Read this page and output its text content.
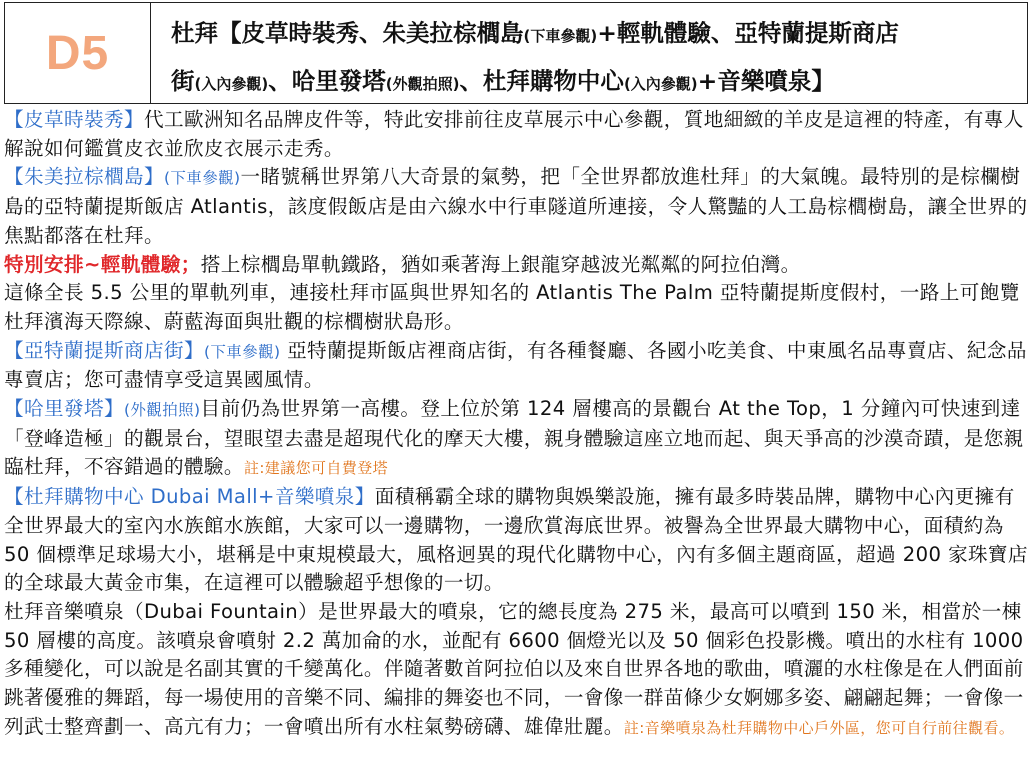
D5	杜拜【皮草時裝秀、朱美拉棕櫚島(下車參觀)+輕軌體驗、亞特蘭提斯商店
街(入內參觀)、哈里發塔(外觀拍照)、杜拜購物中心(入內參觀)+音樂噴泉】

【皮草時裝秀】代工歐洲知名品牌皮件等，特此安排前往皮草展示中心參觀，質地細緻的羊皮是這裡的特產，有專人解說如何鑑賞皮衣並欣皮衣展示走秀。

【朱美拉棕櫚島】(下車參觀)一睹號稱世界第八大奇景的氣勢，把「全世界都放進杜拜」的大氣魄。最特別的是棕欄樹島的亞特蘭提斯飯店 Atlantis，該度假飯店是由六線水中行車隧道所連接，令人驚豔的人工島棕櫚樹島，讓全世界的焦點都落在杜拜。

特別安排~輕軌體驗；搭上棕櫚島單軌鐵路，猶如乘著海上銀龍穿越波光粼粼的阿拉伯灣。

這條全長 5.5 公里的單軌列車，連接杜拜市區與世界知名的 Atlantis The Palm 亞特蘭提斯度假村，一路上可飽覽 杜拜濱海天際線、蔚藍海面與壯觀的棕櫚樹狀島形。

【亞特蘭提斯商店街】(下車參觀) 亞特蘭提斯飯店裡商店街，有各種餐廳、各國小吃美食、中東風名品專賣店、紀念品專賣店；您可盡情享受這異國風情。

【哈里發塔】(外觀拍照)目前仍為世界第一高樓。登上位於第 124 層樓高的景觀台 At the Top，1 分鐘內可快速到達「登峰造極」的觀景台，望眼望去盡是超現代化的摩天大樓，親身體驗這座立地而起、與天爭高的沙漠奇蹟，是您親臨杜拜，不容錯過的體驗。註:建議您可自費登塔

【杜拜購物中心 Dubai Mall+音樂噴泉】面積稱霸全球的購物與娛樂設施，擁有最多時裝品牌，購物中心內更擁有全世界最大的室內水族館水族館，大家可以一邊購物，一邊欣賞海底世界。被譽為全世界最大購物中心，面積約為 50 個標準足球場大小，堪稱是中東規模最大，風格迥異的現代化購物中心，內有多個主題商區，超過 200 家珠寶店的全球最大黃金市集，在這裡可以體驗超乎想像的一切。

杜拜音樂噴泉（Dubai Fountain）是世界最大的噴泉，它的總長度為 275 米，最高可以噴到 150 米，相當於一棟 50 層樓的高度。該噴泉會噴射 2.2 萬加侖的水，並配有 6600 個燈光以及 50 個彩色投影機。噴出的水柱有 1000 多種變化，可以說是名副其實的千變萬化。伴隨著數首阿拉伯以及來自世界各地的歌曲，噴灑的水柱像是在人們面前跳著優雅的舞蹈，每一場使用的音樂不同、編排的舞姿也不同，一會像一群苗條少女婀娜多姿、翩翩起舞；一會像一列武士整齊劃一、高亢有力；一會噴出所有水柱氣勢磅礴、雄偉壯麗。註:音樂噴泉為杜拜購物中心戶外區，您可自行前往觀看。
